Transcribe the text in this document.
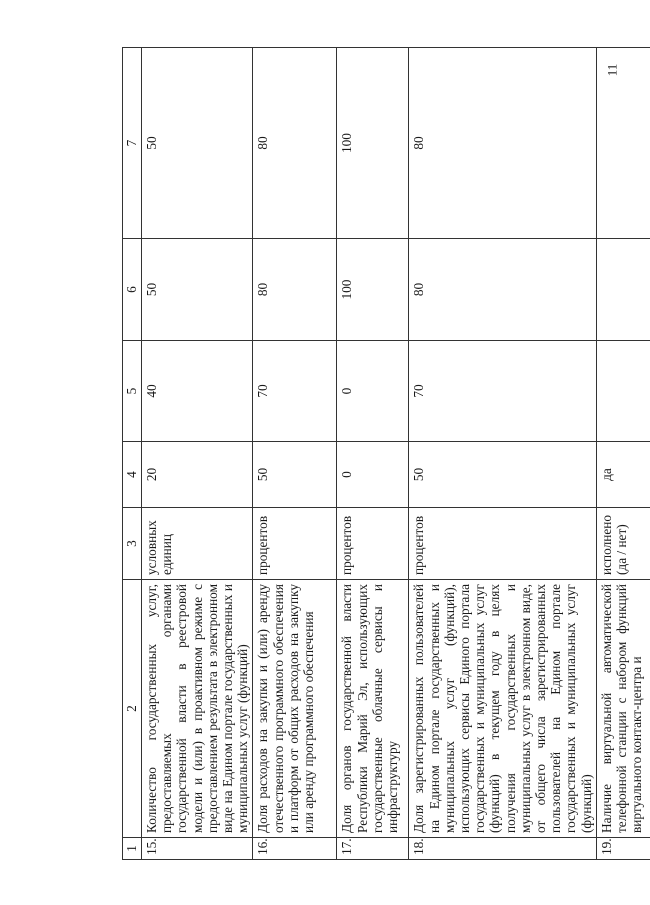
11
1	2	3	4	5	6	7
15.	Количество государственных услуг, предоставляемых органами государственной власти в реестровой модели и (или) в проактивном режиме с предоставлением результата в электронном виде на Едином портале государственных и муниципальных услуг (функций)	условных единиц	20	40	50	50
16.	Доля расходов на закупки и (или) аренду отечественного программного обеспечения и платформ от общих расходов на закупку или аренду программного обеспечения	процентов	50	70	80	80
17.	Доля органов государственной власти Республики Марий Эл, использующих государственные облачные сервисы и инфраструктуру	процентов	0	0	100	100
18.	Доля зарегистрированных пользователей на Едином портале государственных и муниципальных услуг (функций), использующих сервисы Единого портала государственных и муниципальных услуг (функций) в текущем году в целях получения государственных и муниципальных услуг в электронном виде, от общего числа зарегистрированных пользователей на Едином портале государственных и муниципальных услуг (функций)	процентов	50	70	80	80
19.	Наличие виртуальной автоматической телефонной станции с набором функций виртуального контакт-центра и	исполнено (да / нет)	да			
